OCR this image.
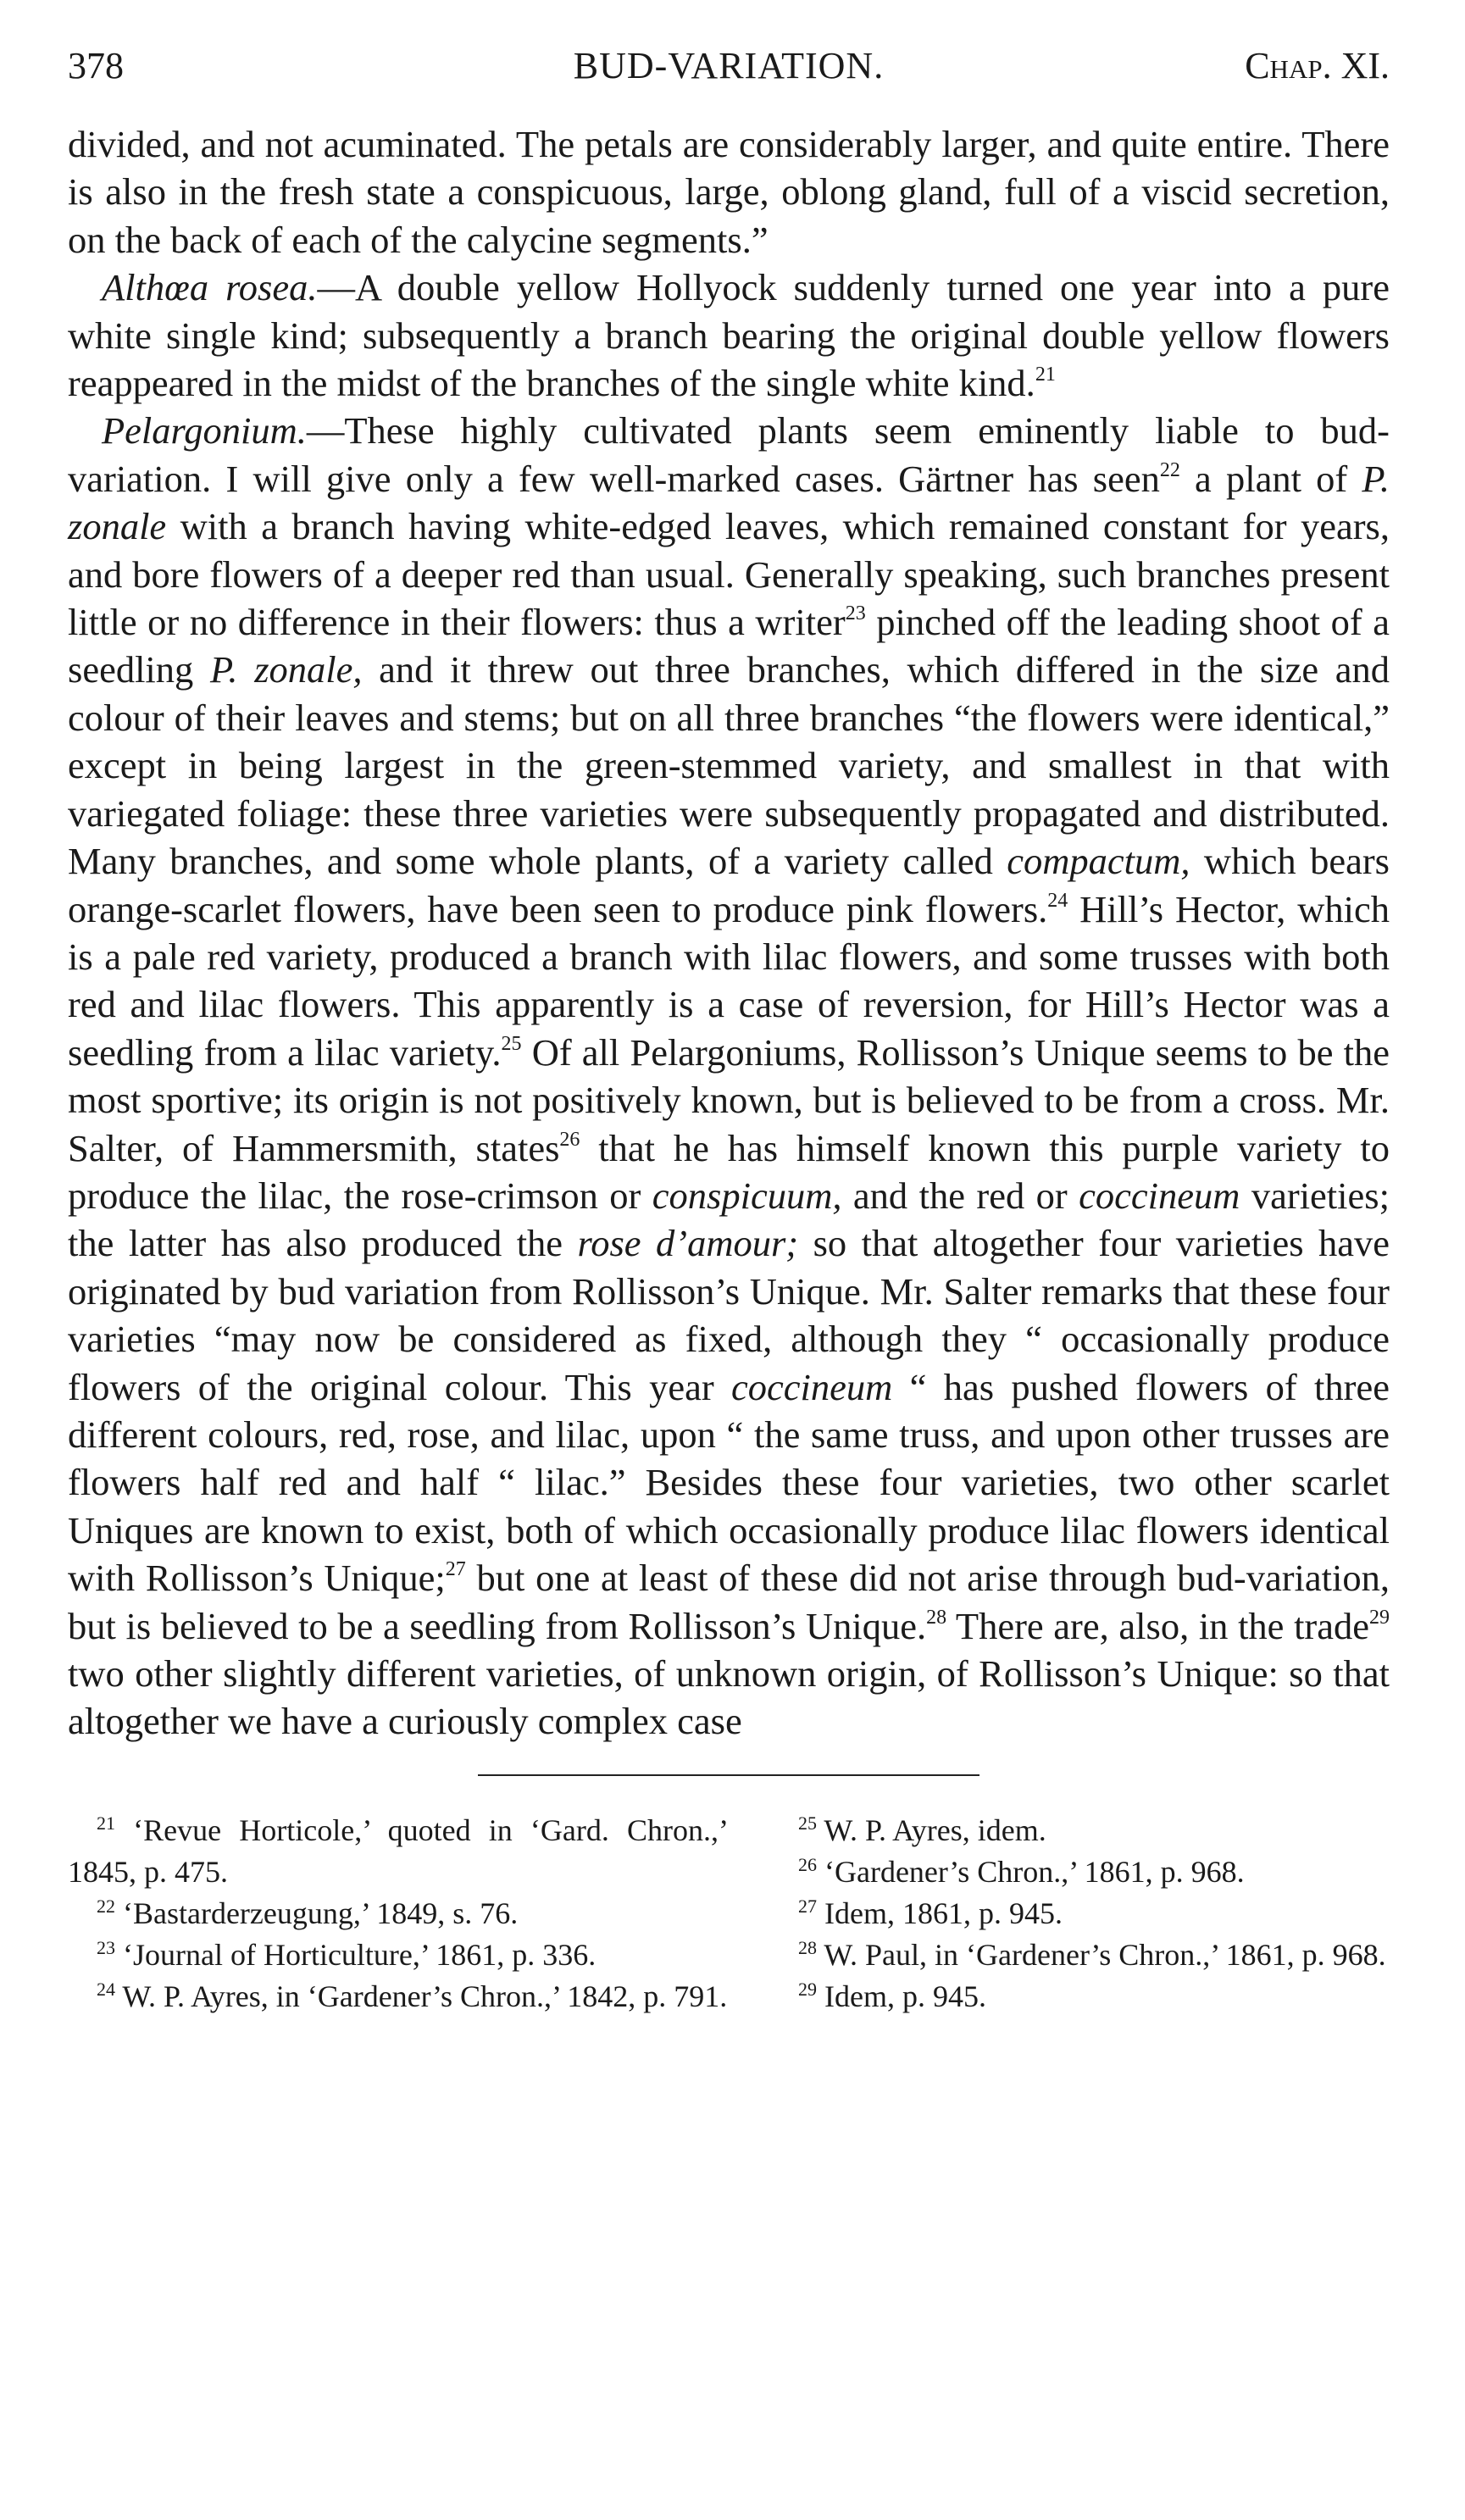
378	BUD-VARIATION.	Chap. XI.

divided, and not acuminated. The petals are considerably larger, and quite entire. There is also in the fresh state a conspicuous, large, oblong gland, full of a viscid secretion, on the back of each of the calycine segments.”

Althœa rosea.—A double yellow Hollyock suddenly turned one year into a pure white single kind; subsequently a branch bearing the original double yellow flowers reappeared in the midst of the branches of the single white kind.$^{21}$

Pelargonium.—These highly cultivated plants seem eminently liable to bud-variation. I will give only a few well-marked cases. Gärtner has seen$^{22}$ a plant of P. zonale with a branch having white-edged leaves, which remained constant for years, and bore flowers of a deeper red than usual. Generally speaking, such branches present little or no difference in their flowers: thus a writer$^{23}$ pinched off the leading shoot of a seedling P. zonale, and it threw out three branches, which differed in the size and colour of their leaves and stems; but on all three branches “the flowers were identical,” except in being largest in the green-stemmed variety, and smallest in that with variegated foliage: these three varieties were subsequently propagated and distributed. Many branches, and some whole plants, of a variety called compactum, which bears orange-scarlet flowers, have been seen to produce pink flowers.$^{24}$ Hill’s Hector, which is a pale red variety, produced a branch with lilac flowers, and some trusses with both red and lilac flowers. This apparently is a case of reversion, for Hill’s Hector was a seedling from a lilac variety.$^{25}$ Of all Pelargoniums, Rollisson’s Unique seems to be the most sportive; its origin is not positively known, but is believed to be from a cross. Mr. Salter, of Hammersmith, states$^{26}$ that he has himself known this purple variety to produce the lilac, the rose-crimson or conspicuum, and the red or coccineum varieties; the latter has also produced the rose d’amour; so that altogether four varieties have originated by bud variation from Rollisson’s Unique. Mr. Salter remarks that these four varieties “may now be considered as fixed, although they “ occasionally produce flowers of the original colour. This year coccineum “ has pushed flowers of three different colours, red, rose, and lilac, upon “ the same truss, and upon other trusses are flowers half red and half “ lilac.” Besides these four varieties, two other scarlet Uniques are known to exist, both of which occasionally produce lilac flowers identical with Rollisson’s Unique;$^{27}$ but one at least of these did not arise through bud-variation, but is believed to be a seedling from Rollisson’s Unique.$^{28}$ There are, also, in the trade$^{29}$ two other slightly different varieties, of unknown origin, of Rollisson’s Unique: so that altogether we have a curiously complex case

$^{21}$ ‘Revue Horticole,’ quoted in ‘Gard. Chron.,’ 1845, p. 475.

$^{22}$ ‘Bastarderzeugung,’ 1849, s. 76.

$^{23}$ ‘Journal of Horticulture,’ 1861, p. 336.

$^{24}$ W. P. Ayres, in ‘Gardener’s Chron.,’ 1842, p. 791.

$^{25}$ W. P. Ayres, idem.

$^{26}$ ‘Gardener’s Chron.,’ 1861, p. 968.

$^{27}$ Idem, 1861, p. 945.

$^{28}$ W. Paul, in ‘Gardener’s Chron.,’ 1861, p. 968.

$^{29}$ Idem, p. 945.
